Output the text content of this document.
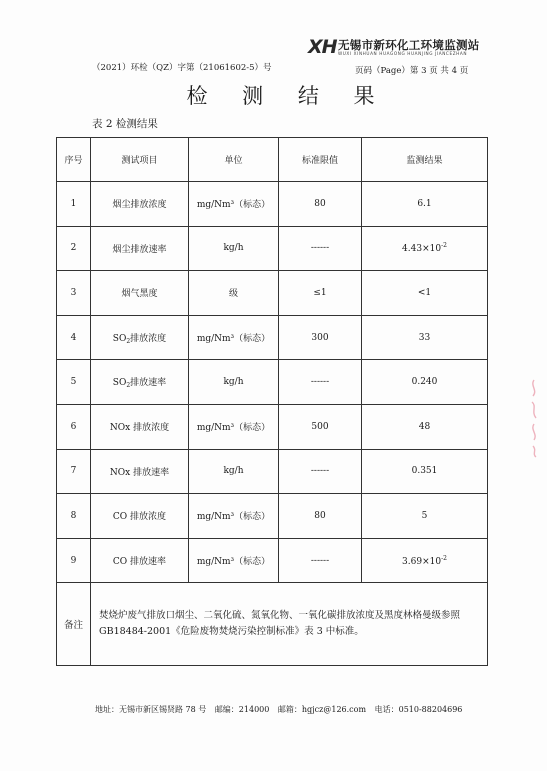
XH 无锡市新环化工环境监测站
WUXI XINHUAN HUAGONG HUANJING JIANCEZHAN
（2021）环检（QZ）字第（21061602-5）号	页码（Page）第 3 页 共 4 页
检 测 结 果
表 2 检测结果
序号	测试项目	单位	标准限值	监测结果
1	烟尘排放浓度	mg/Nm³（标态）	80	6.1
2	烟尘排放速率	kg/h	------	$4.43\times 10^{-2}$
3	烟气黑度	级	≤1	<1
4	$SO_2$排放浓度	mg/Nm³（标态）	300	33
5	$SO_2$排放速率	kg/h	------	0.240
6	NOx 排放浓度	mg/Nm³（标态）	500	48
7	NOx 排放速率	kg/h	------	0.351
8	CO 排放浓度	mg/Nm³（标态）	80	5
9	CO 排放速率	mg/Nm³（标态）	------	$3.69\times 10^{-2}$
备注	焚烧炉废气排放口烟尘、二氧化硫、氮氧化物、一氧化碳排放浓度及黑度林格曼级参照 GB18484-2001《危险废物焚烧污染控制标准》表 3 中标准。			
地址：无锡市新区锡贤路 78 号 邮编：214000 邮箱：hgjcz@126.com 电话：0510-88204696
